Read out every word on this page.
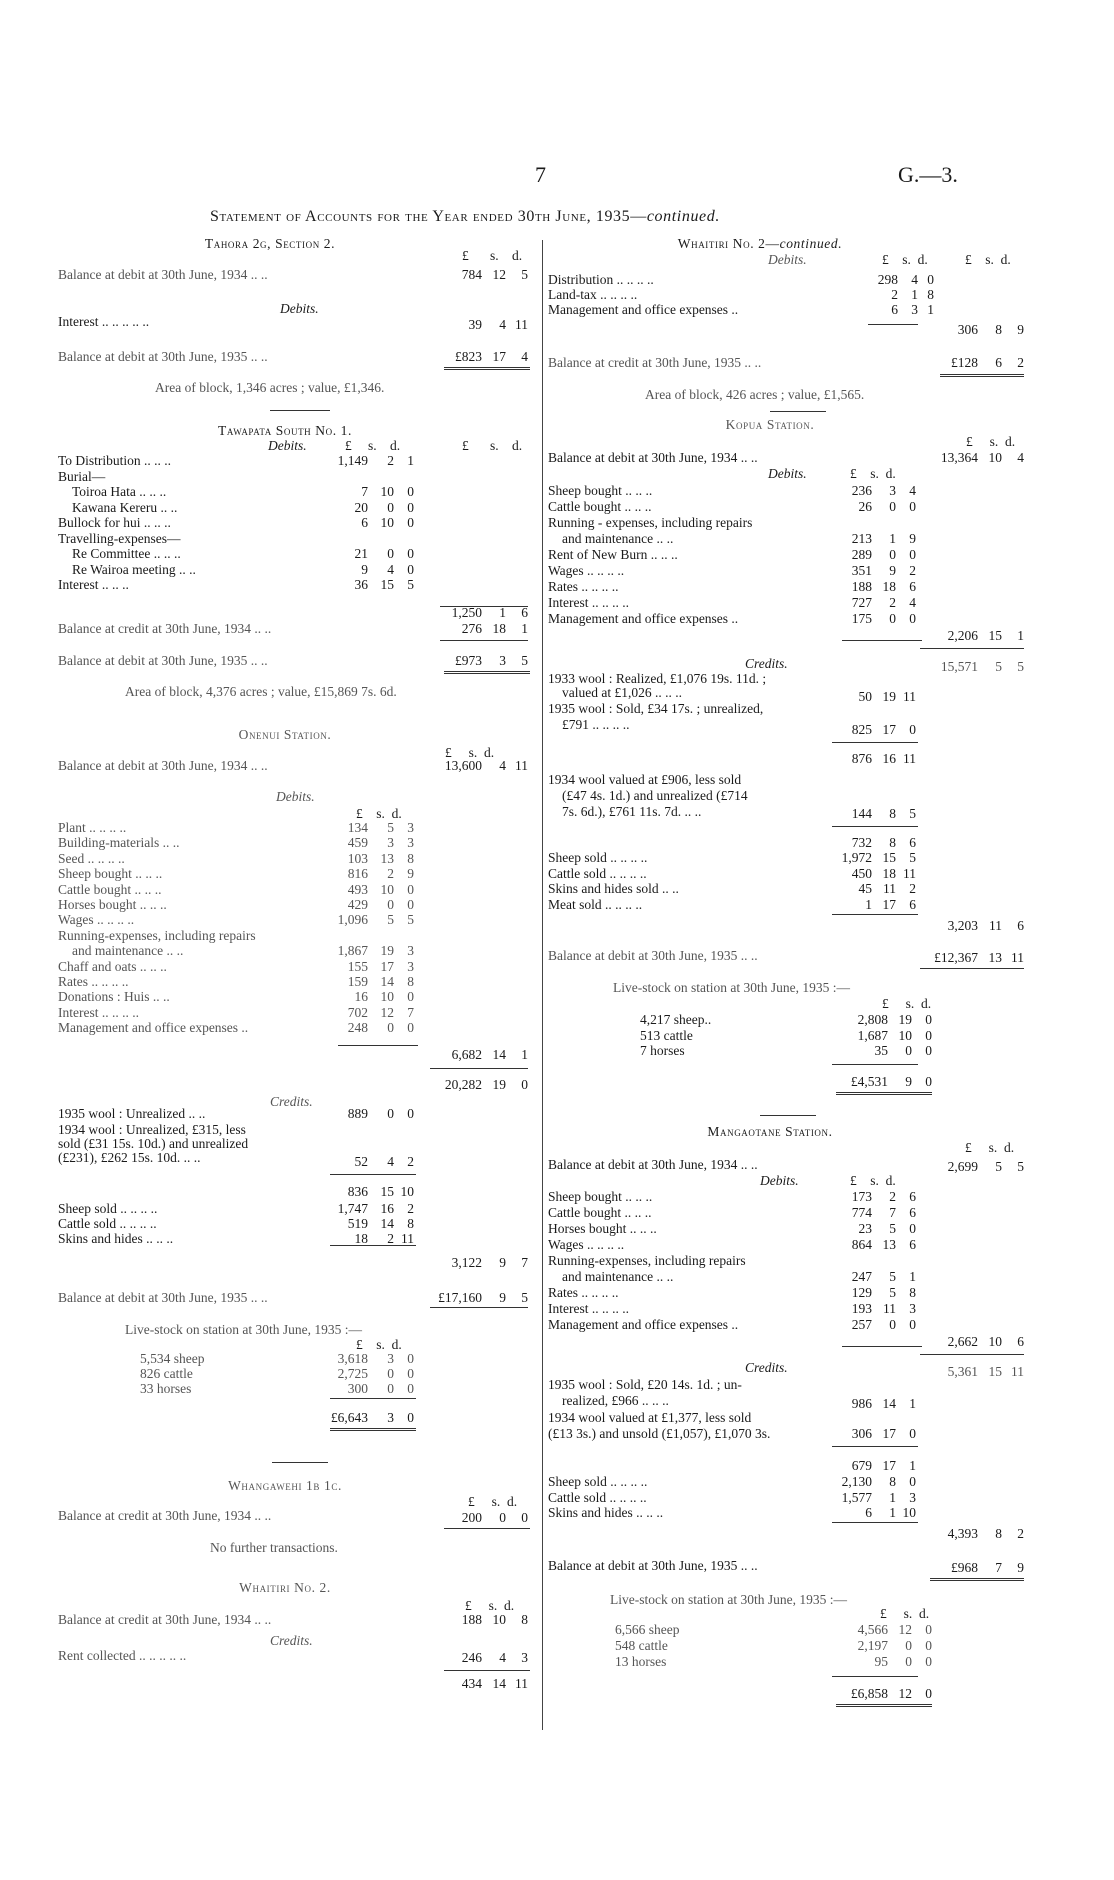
7	G.—3.
Statement of Accounts for the Year ended 30th June, 1935—continued.
Tahora 2g, Section 2.
£ s. d.
Balance at debit at 30th June, 1934 .. ..	784 12	5
Debits.
Interest .. .. .. .. ..	39	4 11
Balance at debit at 30th June, 1935 .. ..	£823 17	4
Area of block, 1,346 acres ; value, £1,346.
Tawapata South No. 1.
Debits.	£ s. d.	£ s. d.
To Distribution .. .. ..	1,149	2 1
Burial—
Toiroa Hata .. .. ..	7 10 0
Kawana Kereru .. ..	20	0 0
Bullock for hui .. .. ..	6 10 0
Travelling-expenses—
Re Committee .. .. ..	21	0 0
Re Wairoa meeting .. ..	9	4 0
Interest .. .. ..	36 15 5
1,250	1	6
Balance at credit at 30th June, 1934 .. ..	276 18	1
Balance at debit at 30th June, 1935 .. ..	£973	3	5
Area of block, 4,376 acres ; value, £15,869 7s. 6d.
Onenui Station.
£     s.  d.
Balance at debit at 30th June, 1934 .. ..	13,600	4 11
Debits.
£    s.  d.
Plant .. .. .. ..	134	5 3
Building-materials .. ..	459	3 3
Seed .. .. .. ..	103 13 8
Sheep bought .. .. ..	816	2 9
Cattle bought .. .. ..	493 10 0
Horses bought .. .. ..	429	0 0
Wages .. .. .. ..	1,096	5 5
Running-expenses, including repairs
and maintenance .. ..	1,867 19 3
Chaff and oats .. .. ..	155 17 3
Rates .. .. .. ..	159 14 8
Donations : Huis .. ..	16 10 0
Interest .. .. .. ..	702 12 7
Management and office expenses ..	248	0 0
6,682 14	1
20,282 19	0
Credits.
1935 wool : Unrealized .. ..	889	0 0
1934 wool : Unrealized, £315, less
sold (£31 15s. 10d.) and unrealized
(£231), £262 15s. 10d. .. ..	52	4 2
836 15 10
Sheep sold .. .. .. ..	1,747 16 2
Cattle sold .. .. .. ..	519 14 8
Skins and hides .. .. ..	18	2 11
3,122	9	7
Balance at debit at 30th June, 1935 .. ..	£17,160	9	5
Live-stock on station at 30th June, 1935 :—
£    s.  d.
5,534 sheep	3,618	3 0
826 cattle	2,725	0 0
33 horses	300	0 0
£6,643	3 0
Whangawehi 1b 1c.
£     s.  d.
Balance at credit at 30th June, 1934 .. ..	200	0	0
No further transactions.
Whaitiri No. 2.
£     s.  d.
Balance at credit at 30th June, 1934 .. ..	188 10	8
Credits.
Rent collected .. .. .. .. ..	246	4	3
434 14 11
Whaitiri No. 2—continued.
Debits.	£    s.  d.	£    s.  d.
Distribution .. .. .. ..	298 4 0
Land-tax .. .. .. ..	2 1 8
Management and office expenses ..	6 3 1
306	8	9
Balance at credit at 30th June, 1935 .. ..	£128	6	2
Area of block, 426 acres ; value, £1,565.
Kopua Station.
£     s.  d.
Balance at debit at 30th June, 1934 .. ..	13,364 10	4
Debits.	£    s.  d.
Sheep bought .. .. ..	236	3 4
Cattle bought .. .. ..	26	0 0
Running - expenses, including repairs
and maintenance .. ..	213	1 9
Rent of New Burn .. .. ..	289	0 0
Wages .. .. .. ..	351	9 2
Rates .. .. .. ..	188 18 6
Interest .. .. .. ..	727	2 4
Management and office expenses ..	175	0 0
2,206 15	1
Credits.	15,571	5	5
1933 wool : Realized, £1,076 19s. 11d. ;
valued at £1,026 .. .. ..	50 19 11
1935 wool : Sold, £34 17s. ; unrealized,
£791 .. .. .. ..	825 17 0
876 16 11
1934 wool valued at £906, less sold
(£47 4s. 1d.) and unrealized (£714
7s. 6d.), £761 11s. 7d. .. ..	144	8 5
732	8 6
Sheep sold .. .. .. ..	1,972 15 5
Cattle sold .. .. .. ..	450 18 11
Skins and hides sold .. ..	45 11 2
Meat sold .. .. .. ..	1 17 6
3,203 11	6
Balance at debit at 30th June, 1935 .. ..	£12,367 13 11
Live-stock on station at 30th June, 1935 :—
£     s.  d.
4,217 sheep..	2,808 19 0
513 cattle	1,687 10 0
7 horses	35	0 0
£4,531	9 0
Mangaotane Station.
£     s.  d.
Balance at debit at 30th June, 1934 .. ..	2,699	5	5
Debits.	£    s.  d.
Sheep bought .. .. ..	173	2 6
Cattle bought .. .. ..	774	7 6
Horses bought .. .. ..	23	5 0
Wages .. .. .. ..	864 13 6
Running-expenses, including repairs
and maintenance .. ..	247	5 1
Rates .. .. .. ..	129	5 8
Interest .. .. .. ..	193 11 3
Management and office expenses ..	257	0 0
2,662 10	6
Credits.	5,361 15 11
1935 wool : Sold, £20 14s. 1d. ; un-
realized, £966 .. .. ..	986 14 1
1934 wool valued at £1,377, less sold
(£13 3s.) and unsold (£1,057), £1,070 3s.	306 17 0
679 17 1
Sheep sold .. .. .. ..	2,130	8 0
Cattle sold .. .. .. ..	1,577	1 3
Skins and hides .. .. ..	6	1 10
4,393	8	2
Balance at debit at 30th June, 1935 .. ..	£968	7	9
Live-stock on station at 30th June, 1935 :—
£     s.  d.
6,566 sheep	4,566 12 0
548 cattle	2,197	0 0
13 horses	95	0 0
£6,858 12 0
